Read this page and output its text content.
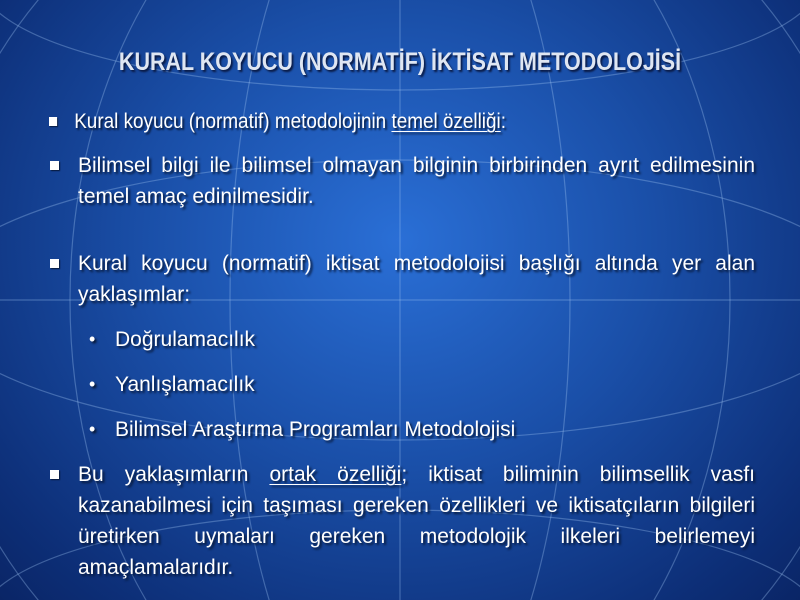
KURAL KOYUCU (NORMATİF) İKTİSAT METODOLOJİSİ
Kural koyucu (normatif) metodolojinin temel özelliği:
Bilimsel bilgi ile bilimsel olmayan bilginin birbirinden ayrıt edilmesinin temel amaç edinilmesidir.
Kural koyucu (normatif) iktisat metodolojisi başlığı altında yer alan yaklaşımlar:
• Doğrulamacılık
• Yanlışlamacılık
• Bilimsel Araştırma Programları Metodolojisi
Bu yaklaşımların ortak özelliği; iktisat biliminin bilimsellik vasfı kazanabilmesi için taşıması gereken özellikleri ve iktisatçıların bilgileri üretirken uymaları gereken metodolojik ilkeleri belirlemeyi amaçlamalarıdır.
